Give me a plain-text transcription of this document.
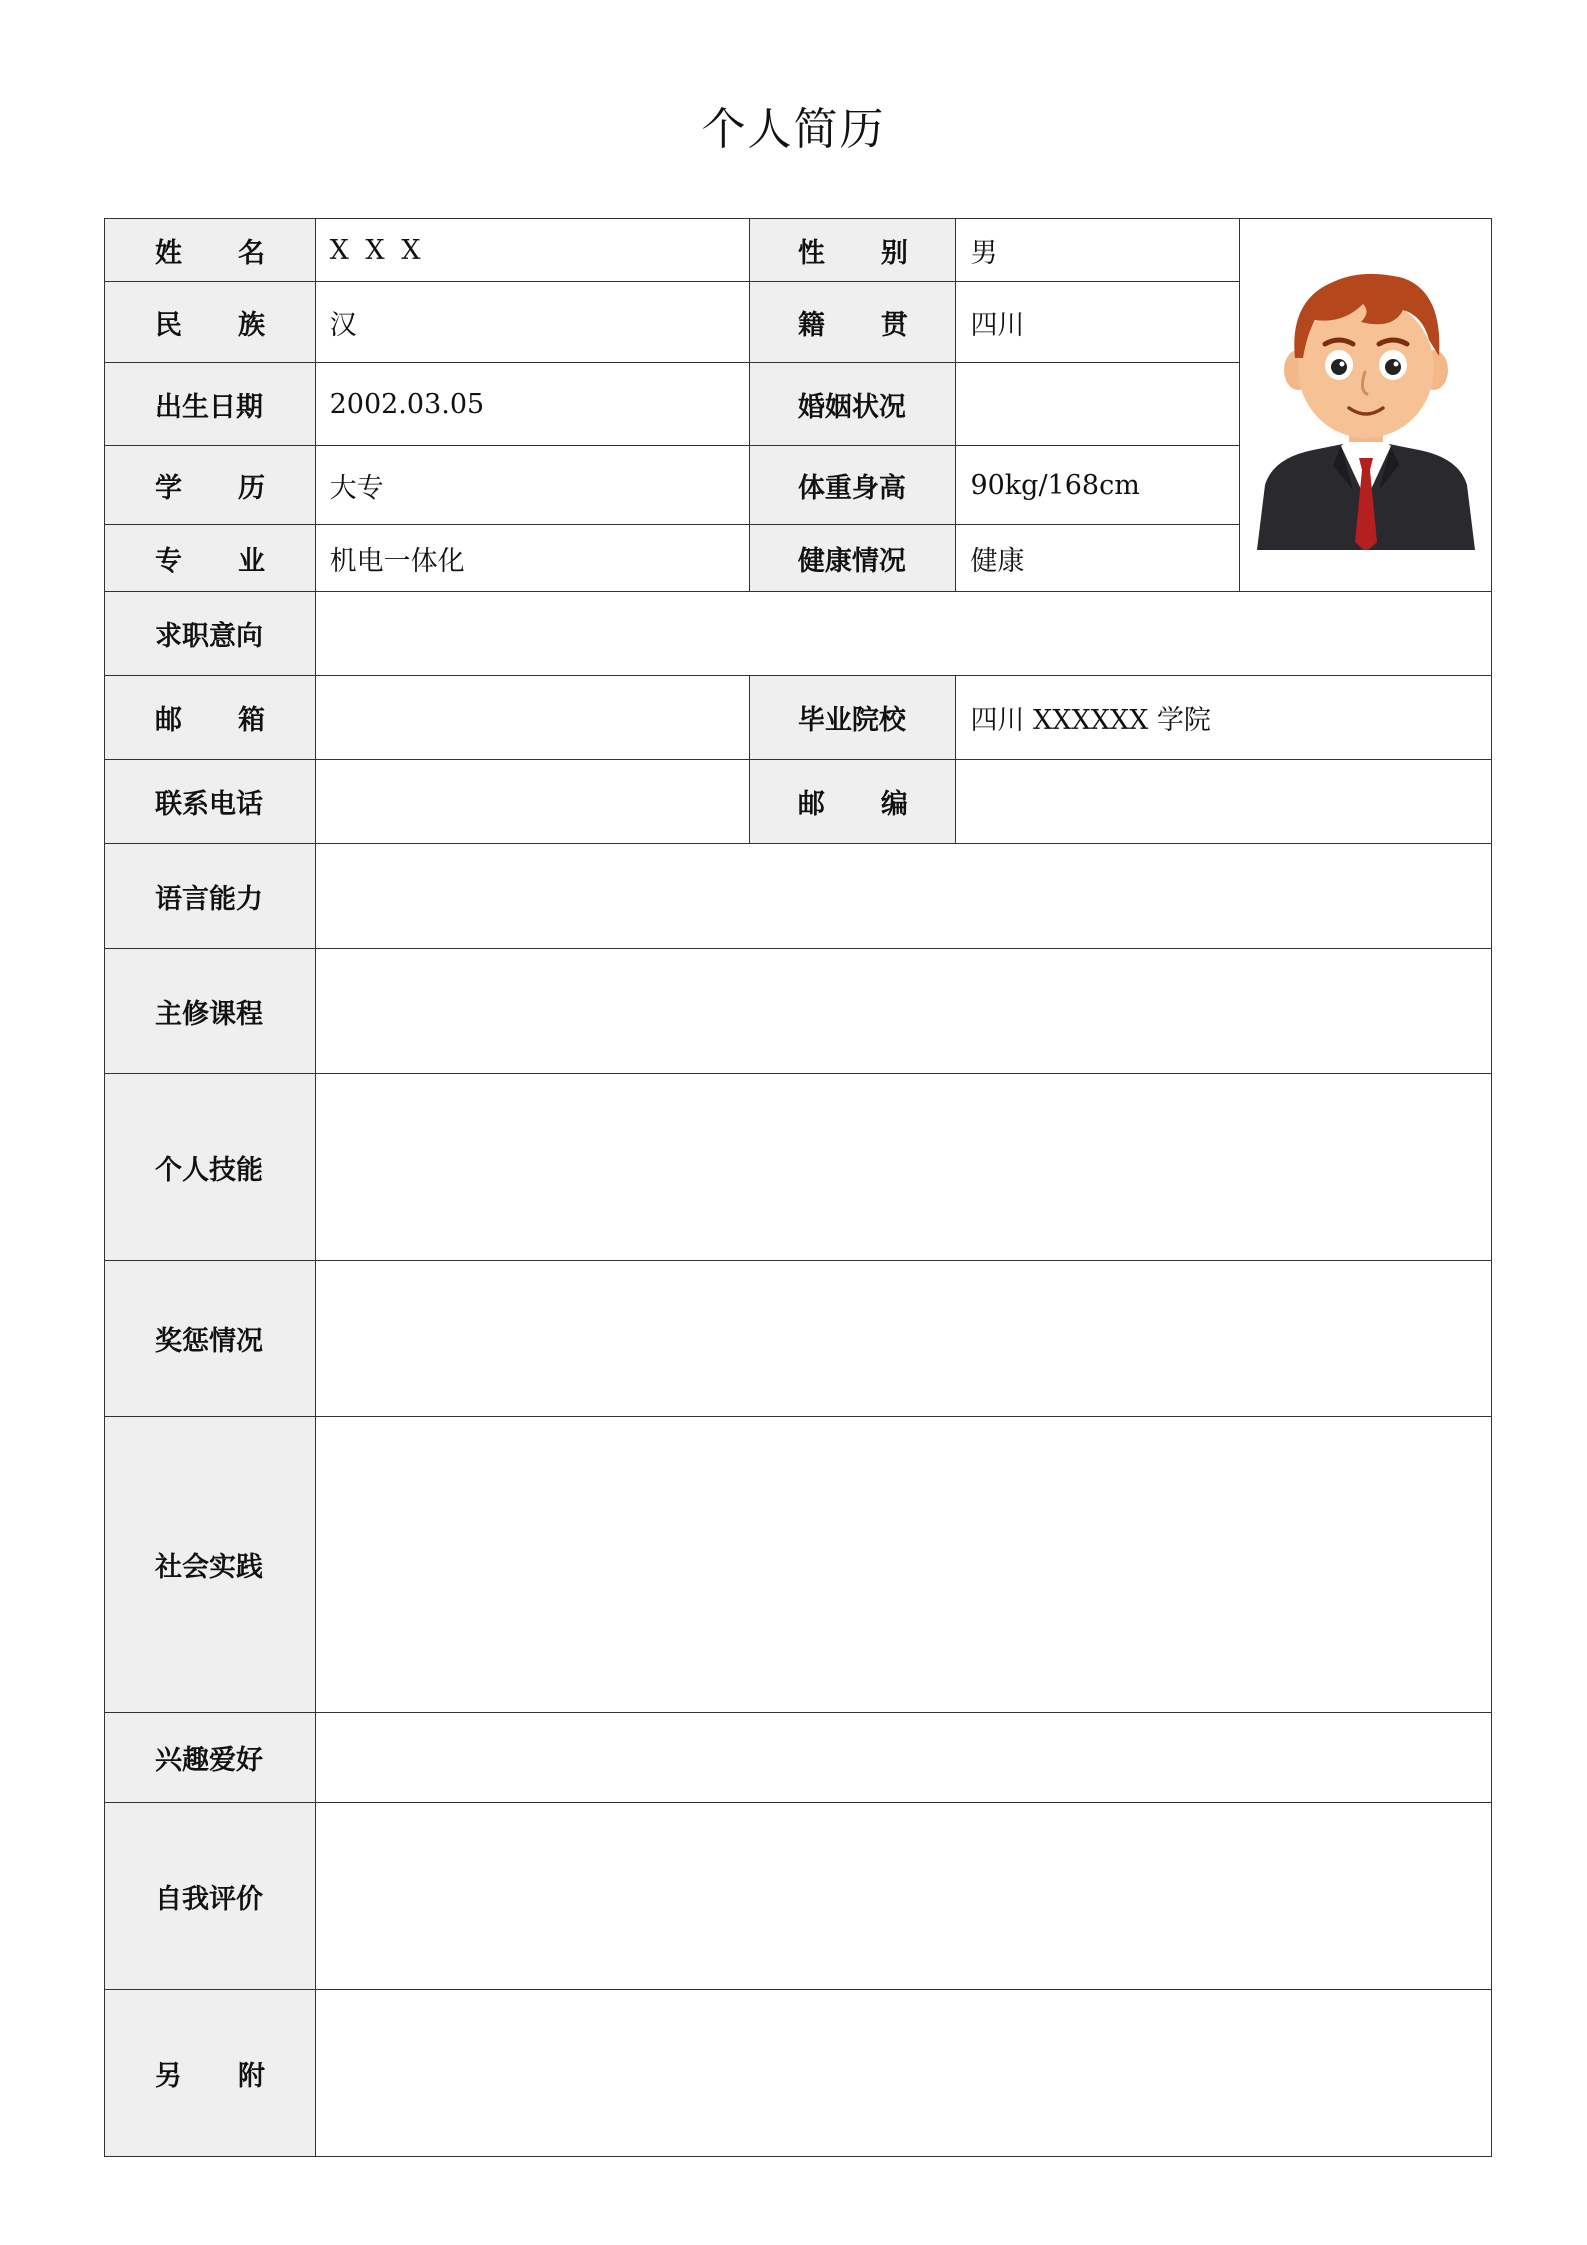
个人简历
姓 名	X X X	性 别	男	

民 族	汉	籍 贯	四川	
出生日期	2002.03.05	婚姻状况		
学 历	大专	体重身高	90kg/168cm	
专 业	机电一体化	健康情况	健康	
求职意向				
邮 箱		毕业院校	四川 XXXXXX 学院	
联系电话		邮 编		
语言能力				
主修课程				
个人技能				
奖惩情况				
社会实践				
兴趣爱好				
自我评价				
另 附				
